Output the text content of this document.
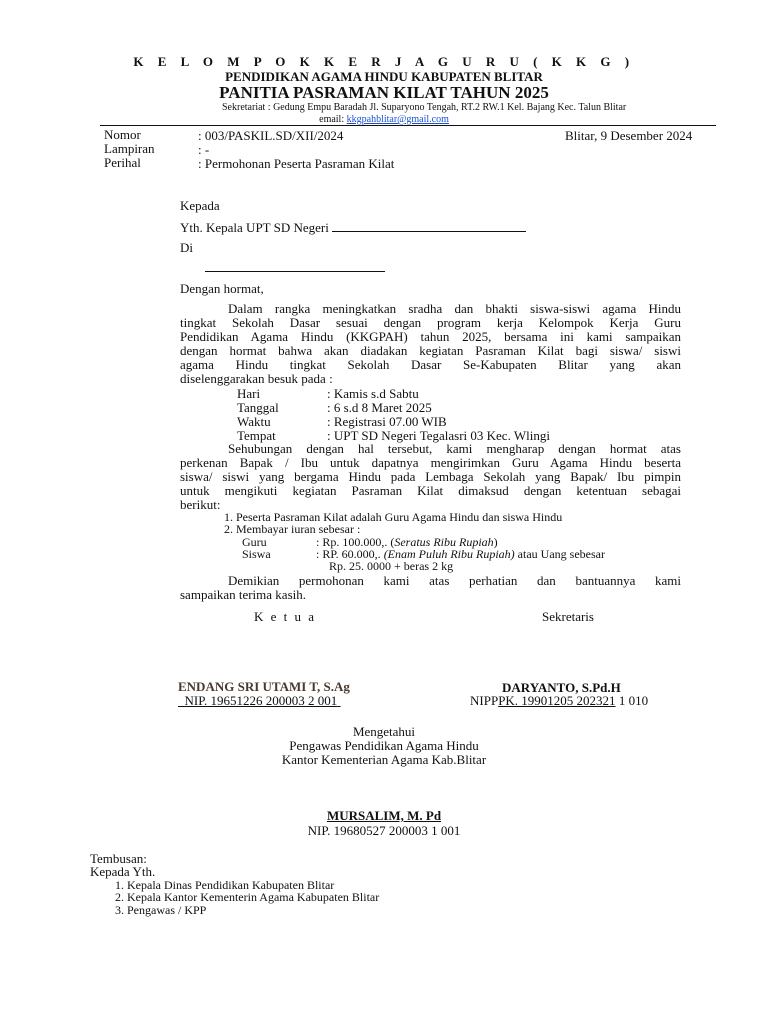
K E L O M P O K K E R J A G U R U ( K K G )
PENDIDIKAN AGAMA HINDU KABUPATEN BLITAR
PANITIA PASRAMAN KILAT TAHUN 2025
Sekretariat : Gedung Empu Baradah Jl. Suparyono Tengah, RT.2 RW.1 Kel. Bajang Kec. Talun Blitar
email: kkgpahblitar@gmail.com
Nomor	: 003/PASKIL.SD/XII/2024	Blitar, 9 Desember 2024
Lampiran	: -
Perihal	: Permohonan Peserta Pasraman Kilat
Kepada
Yth. Kepala UPT SD Negeri
Di
Dengan hormat,
Dalam rangka meningkatkan sradha dan bhakti siswa-siswi agama Hindu
tingkat Sekolah Dasar sesuai dengan program kerja Kelompok Kerja Guru
Pendidikan Agama Hindu (KKGPAH) tahun 2025, bersama ini kami sampaikan
dengan hormat bahwa akan diadakan kegiatan Pasraman Kilat bagi siswa/ siswi
agama Hindu tingkat Sekolah Dasar Se-Kabupaten Blitar yang akan
diselenggarakan besuk pada :
Hari	: Kamis s.d Sabtu
Tanggal	: 6 s.d 8 Maret 2025
Waktu	: Registrasi 07.00 WIB
Tempat	: UPT SD Negeri Tegalasri 03 Kec. Wlingi
Sehubungan dengan hal tersebut, kami mengharap dengan hormat atas
perkenan Bapak / Ibu untuk dapatnya mengirimkan Guru Agama Hindu beserta
siswa/ siswi yang bergama Hindu pada Lembaga Sekolah yang Bapak/ Ibu pimpin
untuk mengikuti kegiatan Pasraman Kilat dimaksud dengan ketentuan sebagai
berikut:
1. Peserta Pasraman Kilat adalah Guru Agama Hindu dan siswa Hindu
2. Membayar iuran sebesar :
Guru	: Rp. 100.000,. (Seratus Ribu Rupiah)
Siswa	: RP. 60.000,. (Enam Puluh Ribu Rupiah) atau Uang sebesar
Rp. 25. 0000 + beras 2 kg
Demikian permohonan kami atas perhatian dan bantuannya kami
sampaikan terima kasih.
K e t u a	Sekretaris
ENDANG SRI UTAMI T, S.Ag
NIP. 19651226 200003 2 001
DARYANTO, S.Pd.H
NIPPPK. 19901205 202321 1 010
Mengetahui
Pengawas Pendidikan Agama Hindu
Kantor Kementerian Agama Kab.Blitar
MURSALIM, M. Pd
NIP. 19680527 200003 1 001
Tembusan:
Kepada Yth.
1. Kepala Dinas Pendidikan Kabupaten Blitar
2. Kepala Kantor Kementerin Agama Kabupaten Blitar
3. Pengawas / KPP
